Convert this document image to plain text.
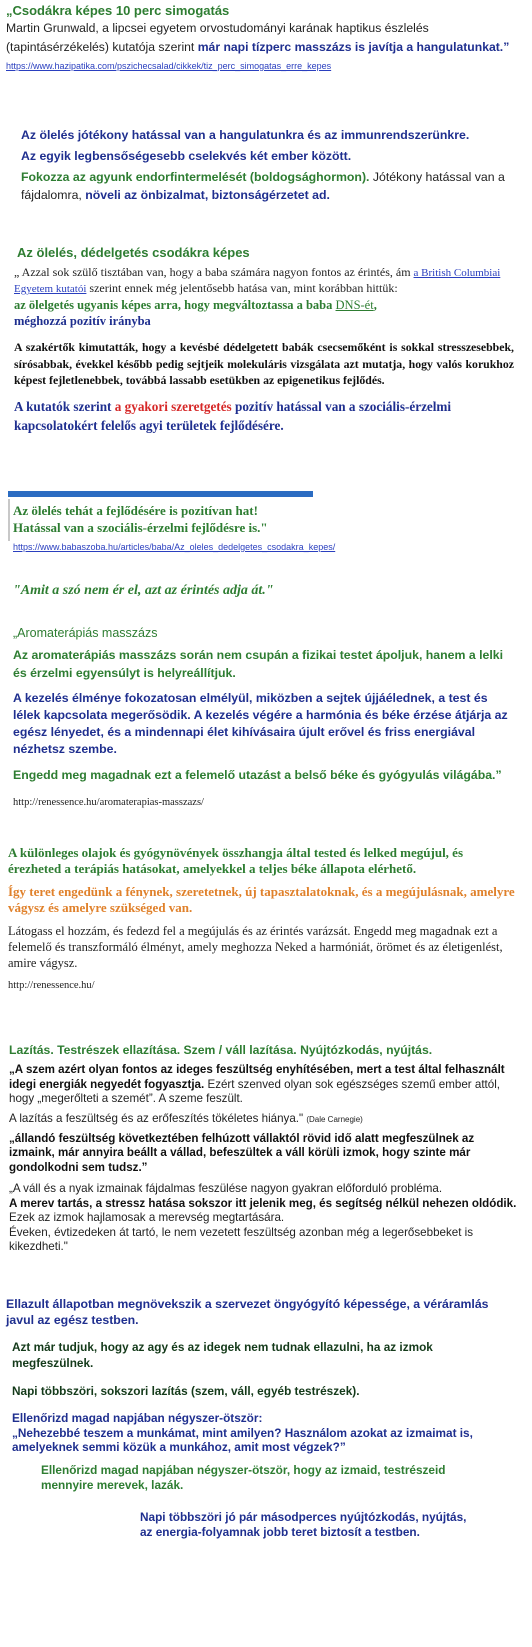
„Csodákra képes 10 perc simogatás
Martin Grunwald, a lipcsei egyetem orvostudományi karának haptikus észlelés (tapintásérzékelés) kutatója szerint már napi tízperc masszázs is javítja a hangulatunkat.”
https://www.hazipatika.com/pszichecsalad/cikkek/tiz_perc_simogatas_erre_kepes
Az ölelés jótékony hatással van a hangulatunkra és az immunrendszerünkre.
Az egyik legbensőségesebb cselekvés két ember között.
Fokozza az agyunk endorfintermelését (boldogsághormon). Jótékony hatással van a fájdalomra, növeli az önbizalmat, biztonságérzetet ad.
Az ölelés, dédelgetés csodákra képes
„ Azzal sok szülő tisztában van, hogy a baba számára nagyon fontos az érintés, ám a British Columbiai Egyetem kutatói szerint ennek még jelentősebb hatása van, mint korábban hittük:
az ölelgetés ugyanis képes arra, hogy megváltoztassa a baba DNS-ét,
méghozzá pozitív irányba
A szakértők kimutatták, hogy a kevésbé dédelgetett babák csecsemőként is sokkal stresszesebbek, sírósabbak, évekkel később pedig sejtjeik molekuláris vizsgálata azt mutatja, hogy valós korukhoz képest fejletlenebbek, továbbá lassabb esetükben az epigenetikus fejlődés.
A kutatók szerint a gyakori szeretgetés pozitív hatással van a szociális-érzelmi kapcsolatokért felelős agyi területek fejlődésére.
Az ölelés tehát a fejlődésére is pozitívan hat!
Hatással van a szociális-érzelmi fejlődésre is."
https://www.babaszoba.hu/articles/baba/Az_oleles_dedelgetes_csodakra_kepes/
"Amit a szó nem ér el, azt az érintés adja át."
„Aromaterápiás masszázs
Az aromaterápiás masszázs során nem csupán a fizikai testet ápoljuk, hanem a lelki és érzelmi egyensúlyt is helyreállítjuk.
A kezelés élménye fokozatosan elmélyül, miközben a sejtek újjáélednek, a test és lélek kapcsolata megerősödik. A kezelés végére a harmónia és béke érzése átjárja az egész lényedet, és a mindennapi élet kihívásaira újult erővel és friss energiával nézhetsz szembe.
Engedd meg magadnak ezt a felemelő utazást a belső béke és gyógyulás világába.”
http://renessence.hu/aromaterapias-masszazs/
A különleges olajok és gyógynövények összhangja által tested és lelked megújul, és érezheted a terápiás hatásokat, amelyekkel a teljes béke állapota elérhető.
Így teret engedünk a fénynek, szeretetnek, új tapasztalatoknak, és a megújulásnak, amelyre vágysz és amelyre szükséged van.
Látogass el hozzám, és fedezd fel a megújulás és az érintés varázsát. Engedd meg magadnak ezt a felemelő és transzformáló élményt, amely meghozza Neked a harmóniát, örömet és az életigenlést, amire vágysz.
http://renessence.hu/
Lazítás. Testrészek ellazítása. Szem / váll lazítása. Nyújtózkodás, nyújtás.
„A szem azért olyan fontos az ideges feszültség enyhítésében, mert a test által felhasznált idegi energiák negyedét fogyasztja. Ezért szenved olyan sok egészséges szemű ember attól, hogy „megerőlteti a szemét”. A szeme feszült.
A lazítás a feszültség és az erőfeszítés tökéletes hiánya." (Dale Carnegie)
„állandó feszültség következtében felhúzott vállaktól rövid idő alatt megfeszülnek az izmaink, már annyira beállt a vállad, befeszültek a váll körüli izmok, hogy szinte már gondolkodni sem tudsz.”
„A váll és a nyak izmainak fájdalmas feszülése nagyon gyakran előforduló probléma.
A merev tartás, a stressz hatása sokszor itt jelenik meg, és segítség nélkül nehezen oldódik. Ezek az izmok hajlamosak a merevség megtartására.
Éveken, évtizedeken át tartó, le nem vezetett feszültség azonban még a legerősebbeket is kikezdheti."
Ellazult állapotban megnövekszik a szervezet öngyógyító képessége, a véráramlás javul az egész testben.
Azt már tudjuk, hogy az agy és az idegek nem tudnak ellazulni, ha az izmok megfeszülnek.
Napi többszöri, sokszori lazítás (szem, váll, egyéb testrészek).
Ellenőrizd magad napjában négyszer-ötször:
„Nehezebbé teszem a munkámat, mint amilyen? Használom azokat az izmaimat is, amelyeknek semmi közük a munkához, amit most végzek?”
Ellenőrizd magad napjában négyszer-ötször, hogy az izmaid, testrészeid mennyire merevek, lazák.
Napi többszöri jó pár másodperces nyújtózkodás, nyújtás,
az energia-folyamnak jobb teret biztosít a testben.
